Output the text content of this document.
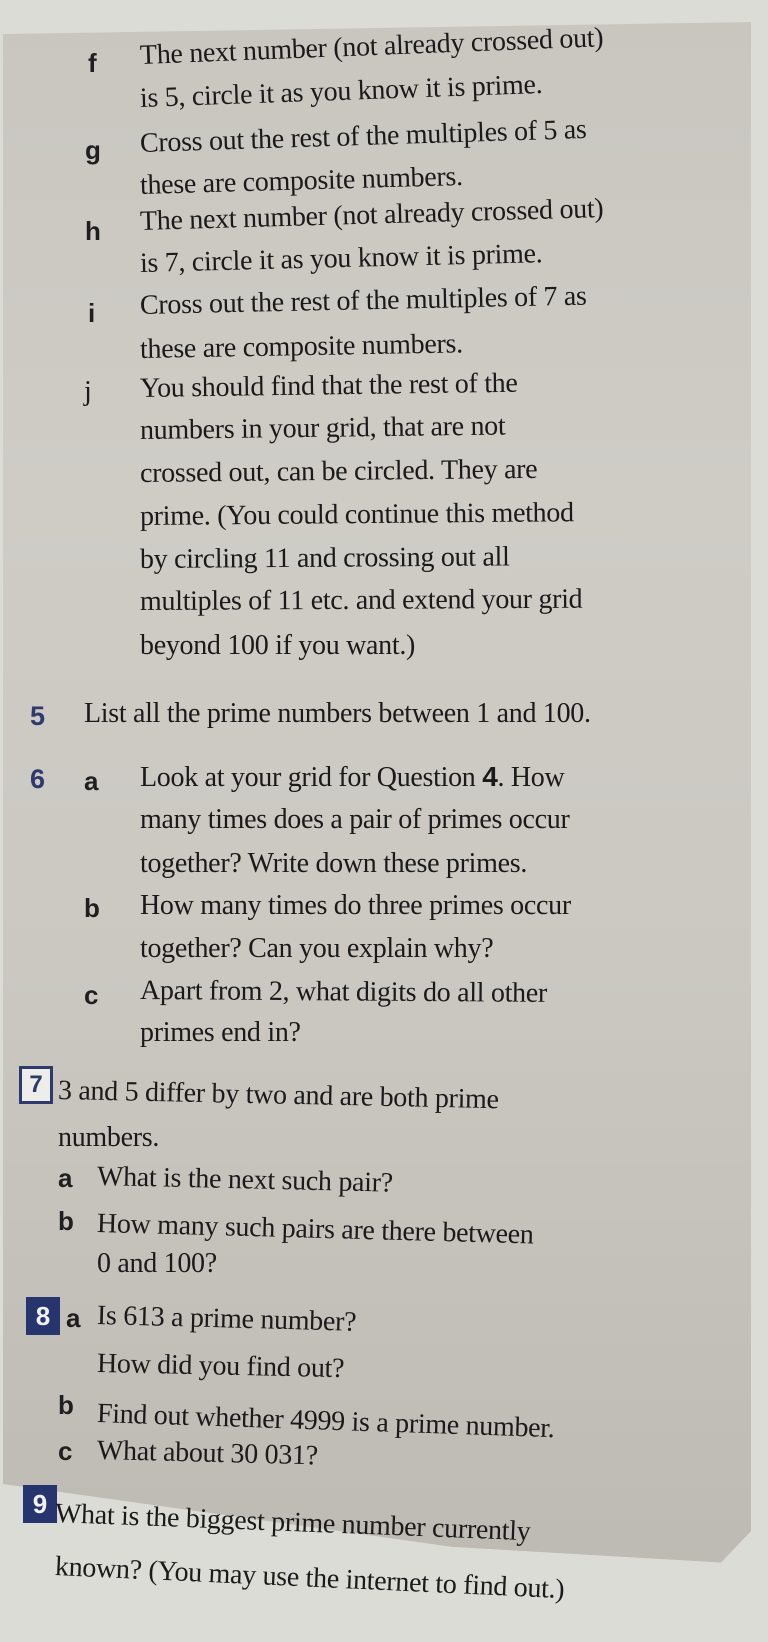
f The next number (not already crossed out)
is 5, circle it as you know it is prime.
g Cross out the rest of the multiples of 5 as
these are composite numbers.
h The next number (not already crossed out)
is 7, circle it as you know it is prime.
i Cross out the rest of the multiples of 7 as
these are composite numbers.
j You should find that the rest of the
numbers in your grid, that are not
crossed out, can be circled. They are
prime. (You could continue this method
by circling 11 and crossing out all
multiples of 11 etc. and extend your grid
beyond 100 if you want.)
5 List all the prime numbers between 1 and 100.
6 a Look at your grid for Question 4. How
many times does a pair of primes occur
together? Write down these primes.
b How many times do three primes occur
together? Can you explain why?
c Apart from 2, what digits do all other
primes end in?
7 3 and 5 differ by two and are both prime
numbers.
a What is the next such pair?
b How many such pairs are there between
0 and 100?
8 a Is 613 a prime number?
How did you find out?
b Find out whether 4999 is a prime number.
c What about 30 031?
9 What is the biggest prime number currently
known? (You may use the internet to find out.)
